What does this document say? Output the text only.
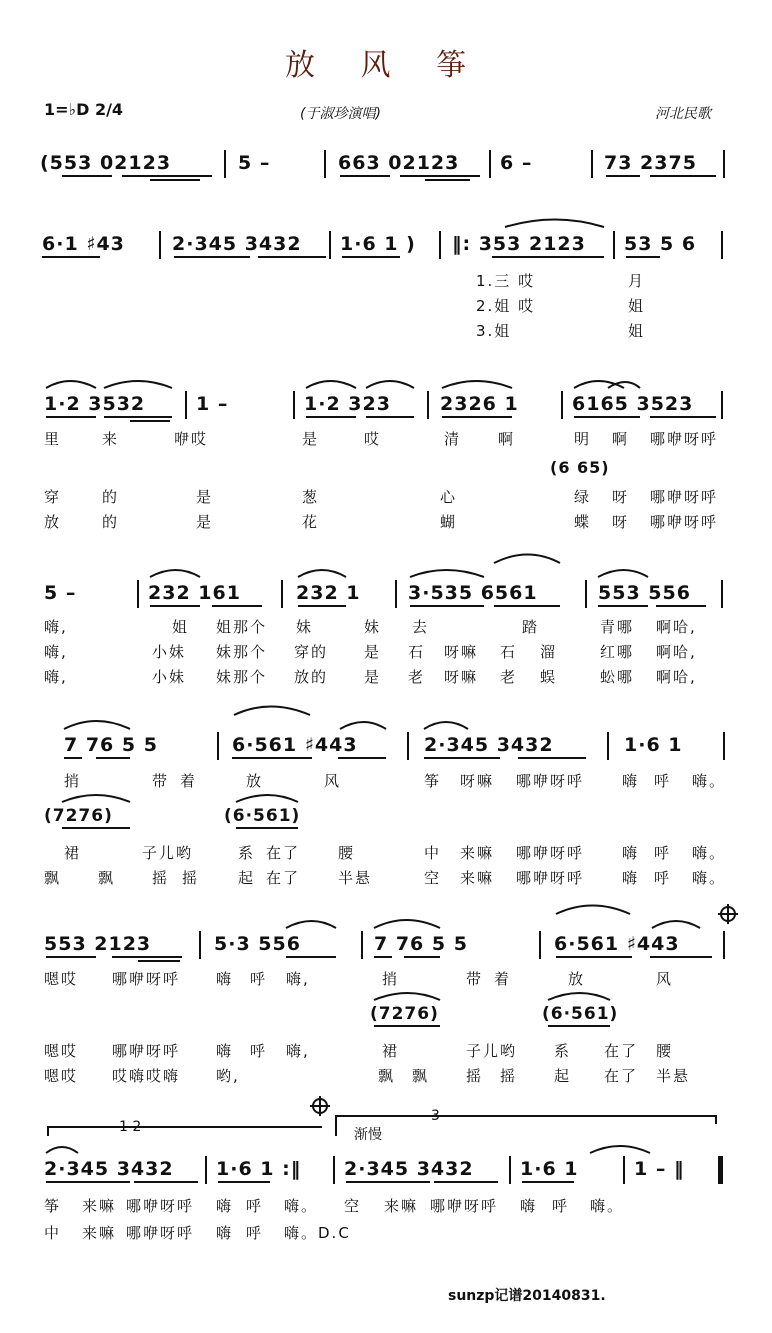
放 风 筝
1=♭D 2/4	(于淑珍演唱)	河北民歌
(553 02123	5 –	663 02123 6 –	73 2375
6·1 ♯43 2·345 3432 1·6 1 ) ‖: 353 2123 53 5 6
1.三 哎	月
2.姐 哎	姐
3.姐	姐
1·2 3532	1 –	1·2 323	2326 1	6165 3523
里	来	咿哎	是	哎	清 啊	明 啊 哪咿呀呼
(6 65)
穿	的	是	葱	心	绿 呀 哪咿呀呼
放	的	是	花	蝴	蝶 呀 哪咿呀呼
5 –	232 161	232 1	3·535 6561	553 556
嗨,	姐 姐那个 妹	妹 去	踏	青哪 啊哈,
嗨,	小妹 妹那个 穿的 是 石 呀嘛 石 溜	红哪 啊哈,
嗨,	小妹 妹那个 放的 是 老 呀嘛 老 蜈	蚣哪 啊哈,
7 76 5 5	6·561 ♯443	2·345 3432	1·6 1
捎	带 着	放	风	筝 呀嘛 哪咿呀呼	嗨 呼 嗨。
(7276)	(6·561)
裙	子儿哟	系 在了	腰	中 来嘛 哪咿呀呼	嗨 呼 嗨。
飘 飘 摇 摇	起 在了	半悬	空 来嘛 哪咿呀呼	嗨 呼 嗨。
553 2123	5·3 556	7 76 5 5	6·561 ♯443
嗯哎 哪咿呀呼 嗨 呼 嗨,	捎	带 着	放	风
(7276)	(6·561)
嗯哎 哪咿呀呼 嗨 呼 嗨,	裙	子儿哟 系 在了 腰
嗯哎 哎嗨哎嗨 哟,	飘 飘 摇 摇 起 在了 半悬
1 2
3
渐慢
2·345 3432 1·6 1 :‖ 2·345 3432 1·6 1	1 – ‖
筝 来嘛 哪咿呀呼 嗨 呼 嗨。 空 来嘛 哪咿呀呼 嗨 呼 嗨。
中 来嘛 哪咿呀呼 嗨 呼 嗨。D.C
sunzp记谱20140831.
